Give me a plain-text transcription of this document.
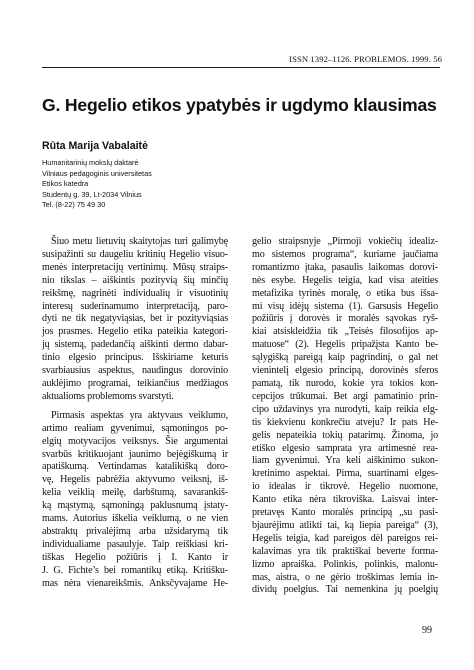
ISSN 1392–1126. PROBLEMOS. 1999. 56
G. Hegelio etikos ypatybės ir ugdymo klausimas
Rūta Marija Vabalaitė
Humanitarinių mokslų daktarė
Vilniaus pedagoginis universitetas
Etikos katedra
Studentų g. 39, Lt-2034 Vilnius
Tel. (8-22) 75 49 30
Šiuo metu lietuvių skaitytojas turi galimybę
susipažinti su daugeliu kritinių Hegelio visuo-
menės interpretacijų vertinimų. Mūsų straips-
nio tikslas – aiškintis pozityvią šių minčių
reikšmę, nagrinėti individualių ir visuotinių
interesų suderinamumo interpretaciją, paro-
dyti ne tik negatyviąsias, bet ir pozityviąsias
jos prasmes. Hegelio etika pateikia kategori-
jų sistemą, padedančią aiškinti dermo dabar-
tinio elgesio principus. Išskiriame keturis
svarbiausius aspektus, naudingus dorovinio
auklėjimo programai, teikiančius medžiagos
aktualioms problemoms svarstyti.
Pirmasis aspektas yra aktyvaus veiklumo,
artimo realiam gyvenimui, sąmoningos po-
elgių motyvacijos veiksnys. Šie argumentai
svarbūs kritikuojant jaunimo bejėgiškumą ir
apatiškumą. Vertindamas katalikišką doro-
vę, Hegelis pabrėžia aktyvumo veiksnį, iš-
kelia veiklią meilę, darbštumą, savarankiš-
ką mąstymą, sąmoningą paklusnumą įstaty-
mams. Autorius iškelia veiklumą, o ne vien
abstraktų privalėjimą arba užsidarymą tik
individualiame pasaulyje. Taip reiškiasi kri-
tiškas Hegelio požiūris į I. Kanto ir
J. G. Fichte’s bei romantikų etiką. Kritišku-
mas nėra vienareikšmis. Anksčyvajame He-
gelio straipsnyje „Pirmoji vokiečių idealiz-
mo sistemos programa“, kuriame jaučiama
romantizmo įtaka, pasaulis laikomas dorovi-
nės esybe. Hegelis teigia, kad visa ateities
metafizika tyrinės moralę, o etika bus išsa-
mi visų idėjų sistema (1). Garsusis Hegelio
požiūris į dorovės ir moralės sąvokas ryš-
kiai atsiskleidžia tik „Teisės filosofijos ap-
matuose“ (2). Hegelis pripažįsta Kanto be-
sąlygišką pareigą kaip pagrindinį, o gal net
vienintelį elgesio principą, dorovinės sferos
pamatą, tik nurodo, kokie yra tokios kon-
cepcijos trūkumai. Bet argi pamatinio prin-
cipo uždavinys yra nurodyti, kaip reikia elg-
tis kiekvienu konkrečiu atveju? Ir pats He-
gelis nepateikia tokių patarimų. Žinoma, jo
etiško elgesio samprata yra artimesnė rea-
liam gyvenimui. Yra keli aiškinimo sukon-
kretinimo aspektai. Pirma, suartinami elges-
io idealas ir tikrovė. Hegelio nuomone,
Kanto etika nėra tikroviška. Laisvai inter-
pretavęs Kanto moralės principą „su pasi-
bjaurėjimu atlikti tai, ką liepia pareiga“ (3),
Hegelis teigia, kad pareigos dėl pareigos rei-
kalavimas yra tik praktiškai beverte forma-
lizmo apraiška. Polinkis, polinkis, malonu-
mas, aistra, o ne gėrio troškimas lemia in-
dividų poelgius. Tai nemenkina jų poelgių
99
